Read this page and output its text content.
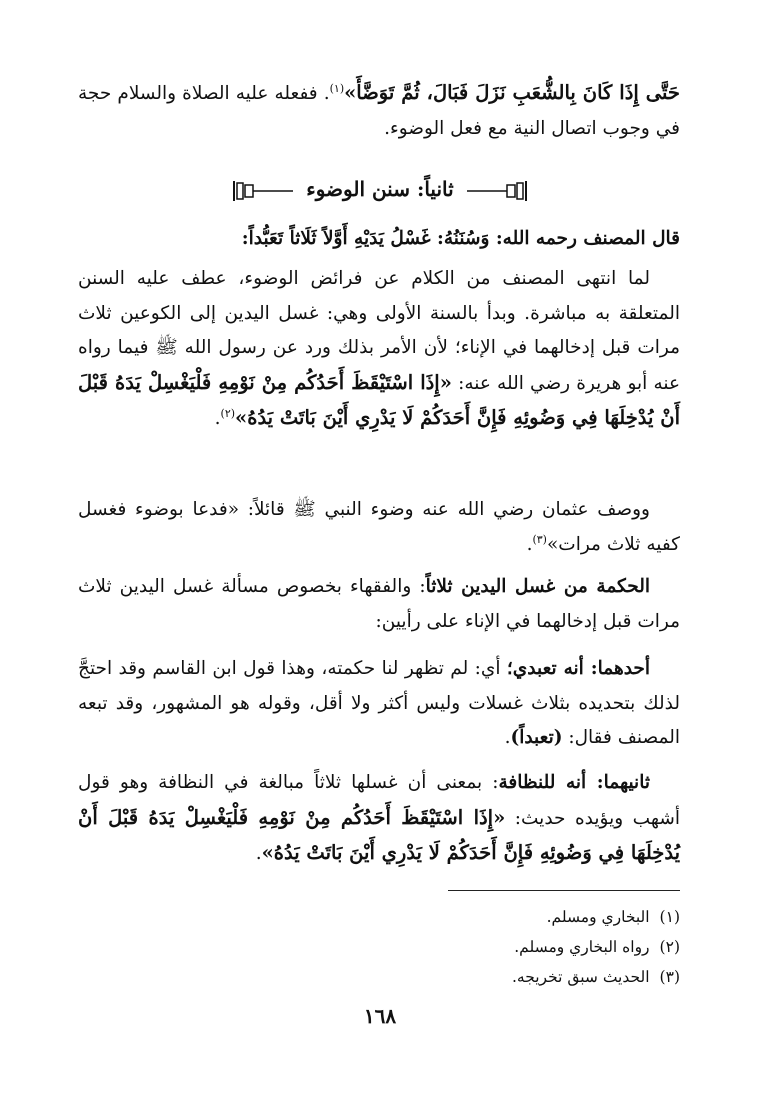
حَتَّى إِذَا كَانَ بِالشُّعَبِ نَزَلَ فَبَالَ، ثُمَّ تَوَضَّأَ»$^{(١)}$. ففعله عليه الصلاة والسلام حجة في وجوب اتصال النية مع فعل الوضوء.

ثانياً: سنن الوضوء

قال المصنف رحمه الله: وَسُنَنُهُ: غَسْلُ يَدَيْهِ أَوَّلاً ثَلَاثاً تَعَبُّداً:

لما انتهى المصنف من الكلام عن فرائض الوضوء، عطف عليه السنن المتعلقة به مباشرة. وبدأ بالسنة الأولى وهي: غسل اليدين إلى الكوعين ثلاث مرات قبل إدخالهما في الإناء؛ لأن الأمر بذلك ورد عن رسول الله ﷺ فيما رواه عنه أبو هريرة رضي الله عنه: «إِذَا اسْتَيْقَظَ أَحَدُكُم مِنْ نَوْمِهِ فَلْيَغْسِلْ يَدَهُ قَبْلَ أَنْ يُدْخِلَهَا فِي وَضُوئِهِ فَإِنَّ أَحَدَكُمْ لَا يَدْرِي أَيْنَ بَاتَتْ يَدُهُ»$^{(٢)}$.

ووصف عثمان رضي الله عنه وضوء النبي ﷺ قائلاً: «فدعا بوضوء فغسل كفيه ثلاث مرات»$^{(٣)}$.

الحكمة من غسل اليدين ثلاثاً: والفقهاء بخصوص مسألة غسل اليدين ثلاث مرات قبل إدخالهما في الإناء على رأيين:

أحدهما: أنه تعبدي؛ أي: لم تظهر لنا حكمته، وهذا قول ابن القاسم وقد احتجَّ لذلك بتحديده بثلاث غسلات وليس أكثر ولا أقل، وقوله هو المشهور، وقد تبعه المصنف فقال: (تعبداً).

ثانيهما: أنه للنظافة: بمعنى أن غسلها ثلاثاً مبالغة في النظافة وهو قول أشهب ويؤيده حديث: «إِذَا اسْتَيْقَظَ أَحَدُكُم مِنْ نَوْمِهِ فَلْيَغْسِلْ يَدَهُ قَبْلَ أَنْ يُدْخِلَهَا فِي وَضُوئِهِ فَإِنَّ أَحَدَكُمْ لَا يَدْرِي أَيْنَ بَاتَتْ يَدُهُ».

(١)
البخاري ومسلم.
(٢)
رواه البخاري ومسلم.
(٣)
الحديث سبق تخريجه.
١٦٨
